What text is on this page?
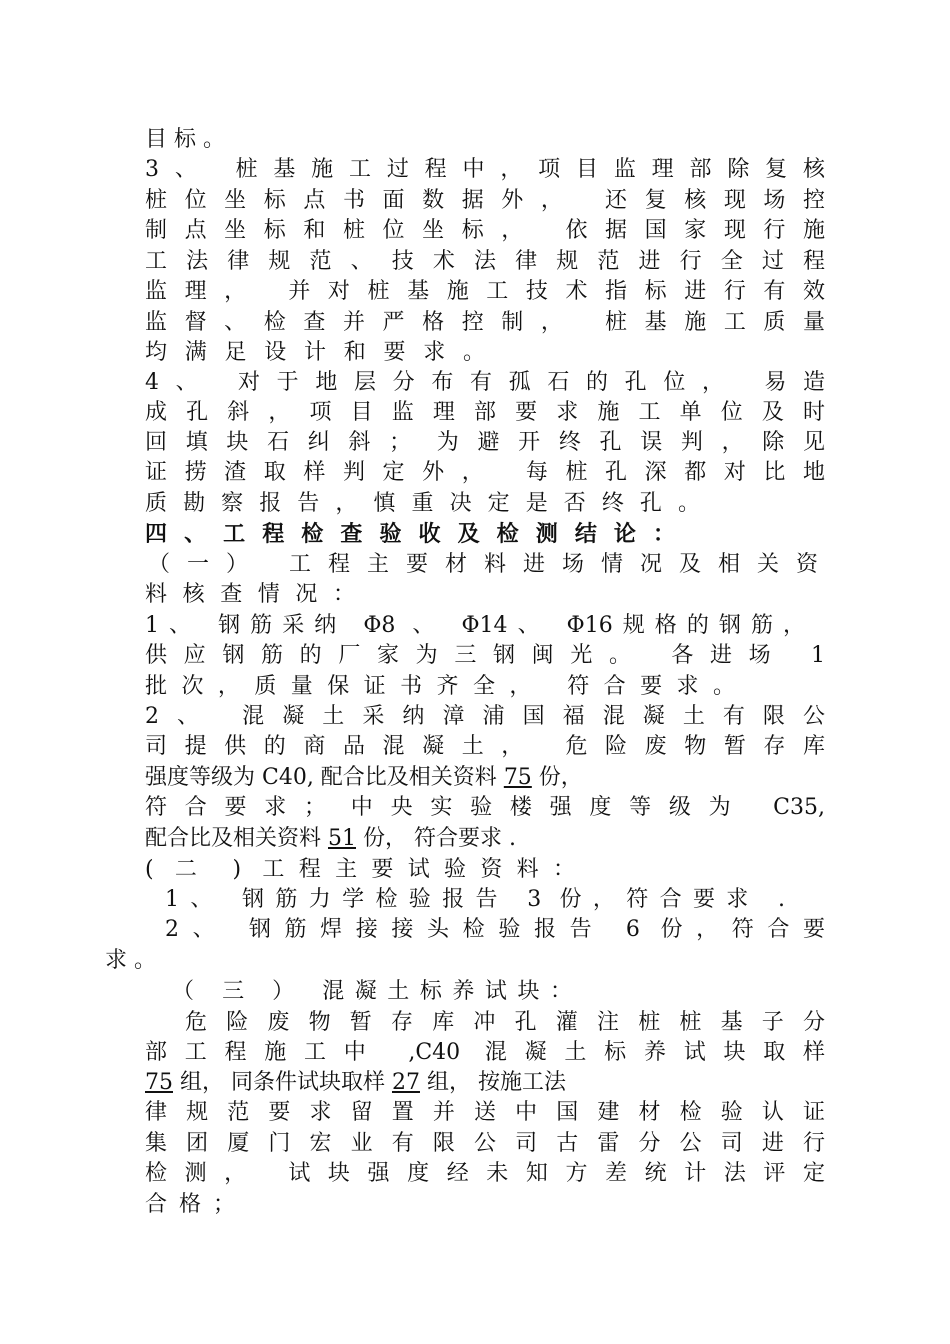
目 标 。
3、 桩基施工过程中，项目监理部除复核
桩位坐标点书面数据外， 还复核现场控
制点坐标和桩位坐标， 依据国家现行施
工法律规范、技术法律规范进行全过程
监理， 并对桩基施工技术指标进行有效
监督、检查并严格控制， 桩基施工质量
均满足设计和要求。
4、 对于地层分布有孤石的孔位， 易造
成孔斜，项目监理部要求施工单位及时
回填块石纠斜； 为避开终孔误判，除见
证捞渣取样判定外， 每桩孔深都对比地
质勘察报告，慎重决定是否终孔。
四、工程检查验收及检测结论：
（一） 工程主要材料进场情况及相关资
料核查情况：
1、 钢筋采纳 Φ8 、 Φ14、 Φ16规格的钢筋，
供应钢筋的厂家为三钢闽光。 各进场 1
批次，质量保证书齐全， 符合要求。
2、 混凝土采纳漳浦国福混凝土有限公
司提供的商品混凝土， 危险废物暂存库
强度等级为 C40, 配合比及相关资料 75 份，
符合要求； 中央实验楼强度等级为 C35,
配合比及相关资料 51 份， 符合要求 .
( 二 ) 工程主要试验资料：
1、 钢筋力学检验报告 3 份，符合要求 .
2、 钢筋焊接接头检验报告 6 份，符合要
求 。
（ 三 ） 混凝土标养试块：
危险废物暂存库冲孔灌注桩桩基子分
部工程施工中 ,C40 混凝土标养试块取样
75 组， 同条件试块取样 27 组， 按施工法
律规范要求留置并送中国建材检验认证
集团厦门宏业有限公司古雷分公司进行
检测， 试块强度经未知方差统计法评定
合格；
